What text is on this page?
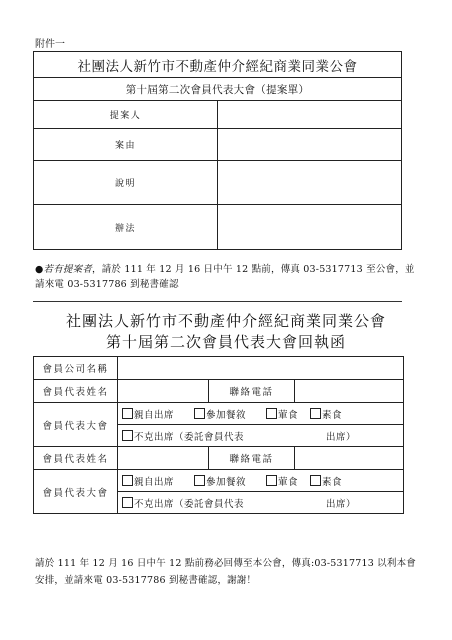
附件一
社團法人新竹市不動產仲介經紀商業同業公會	
第十屆第二次會員代表大會（提案單）	
提案人	
案由	
說明	
辦法	
●若有提案者，請於 111 年 12 月 16 日中午 12 點前，傳真 03-5317713 至公會，並
請來電 03-5317786 到秘書確認
社團法人新竹市不動產仲介經紀商業同業公會
第十屆第二次會員代表大會回執函
會員公司名稱			
會員代表姓名		聯絡電話	
會員代表大會	親自出席 參加餐敘 葷食 素食		
	不克出席（委託會員代表 出席）		
會員代表姓名		聯絡電話	
會員代表大會	親自出席 參加餐敘 葷食 素食		
	不克出席（委託會員代表 出席）		
請於 111 年 12 月 16 日中午 12 點前務必回傳至本公會，傳真:03-5317713 以利本會
安排，並請來電 03-5317786 到秘書確認，謝謝！
